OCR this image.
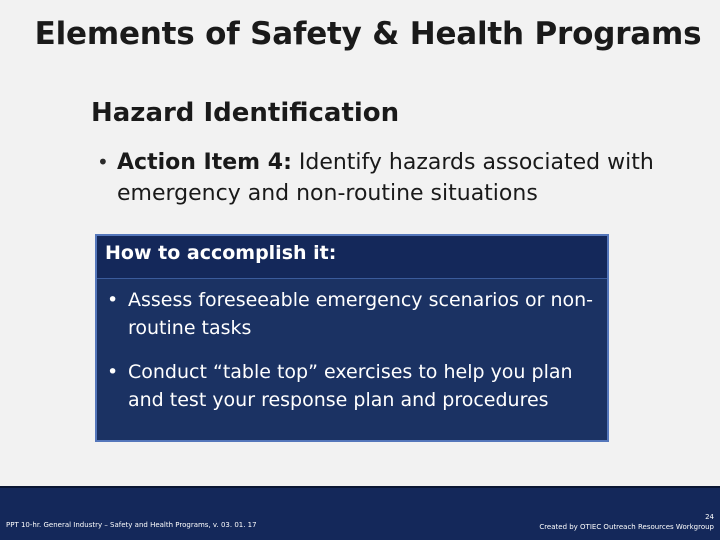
Elements of Safety & Health Programs
Hazard Identification
• Action Item 4: Identify hazards associated with emergency and non-routine situations
How to accomplish it:
• Assess foreseeable emergency scenarios or non-routine tasks
• Conduct “table top” exercises to help you plan and test your response plan and procedures
PPT 10-hr. General Industry – Safety and Health Programs, v. 03. 01. 17
24
Created by OTIEC Outreach Resources Workgroup
